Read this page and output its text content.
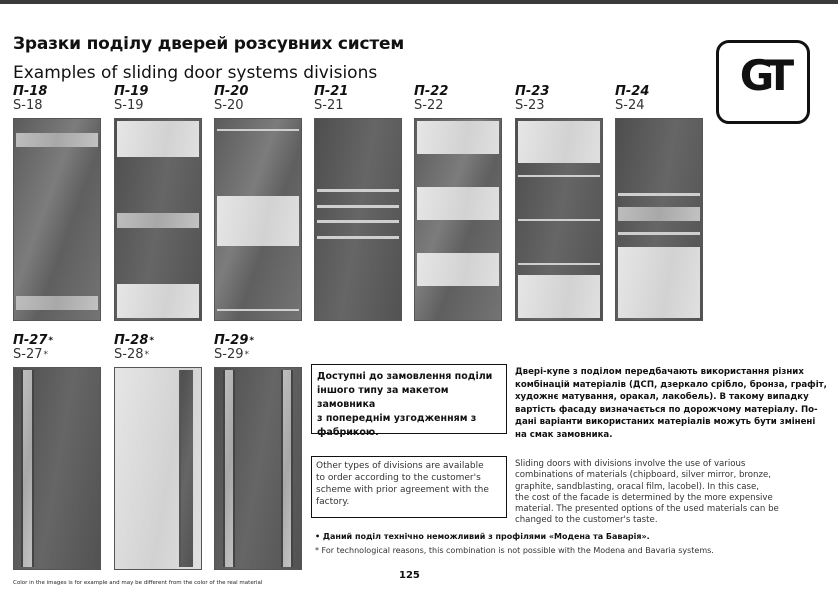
Зразки поділу дверей розсувних систем
Examples of sliding door systems divisions	GT
П-18
S-18
П-19
S-19
П-20
S-20
П-21
S-21
П-22
S-22
П-23
S-23
П-24
S-24
П-27*
S-27*
П-28*
S-28*
П-29*
S-29*
Доступні до замовлення поділи
іншого типу за макетом замовника
з попереднім узгодженням з
фабрикою.
Other types of divisions are available
to order according to the customer's
scheme with prior agreement with the
factory.
Двері-купе з поділом передбачають використання різних
комбінацій матеріалів (ДСП, дзеркало срібло, бронза, графіт,
художнє матування, оракал, лакобель). В такому випадку
вартість фасаду визначається по дорожчому матеріалу. По-
дані варіанти використаних матеріалів можуть бути змінені
на смак замовника.
Sliding doors with divisions involve the use of various
combinations of materials (chipboard, silver mirror, bronze,
graphite, sandblasting, oracal film, lacobel). In this case,
the cost of the facade is determined by the more expensive
material. The presented options of the used materials can be
changed to the customer's taste.
• Даний поділ технічно неможливий з профілями «Модена та Баварія».
* For technological reasons, this combination is not possible with the Modena and Bavaria systems.
Color in the images is for example and may be different from the color of the real material
125
